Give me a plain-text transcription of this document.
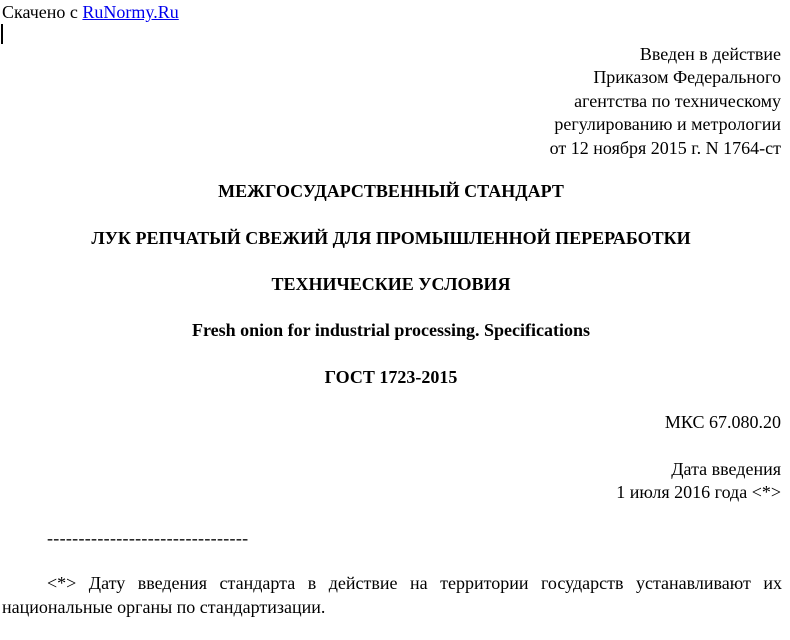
Скачено с RuNormy.Ru
Введен в действие
Приказом Федерального
агентства по техническому
регулированию и метрологии
от 12 ноября 2015 г. N 1764-ст
МЕЖГОСУДАРСТВЕННЫЙ СТАНДАРТ
ЛУК РЕПЧАТЫЙ СВЕЖИЙ ДЛЯ ПРОМЫШЛЕННОЙ ПЕРЕРАБОТКИ
ТЕХНИЧЕСКИЕ УСЛОВИЯ
Fresh onion for industrial processing. Specifications
ГОСТ 1723-2015
МКС 67.080.20
Дата введения
1 июля 2016 года <*>
--------------------------------
<*> Дату введения стандарта в действие на территории государств устанавливают их национальные органы по стандартизации.
